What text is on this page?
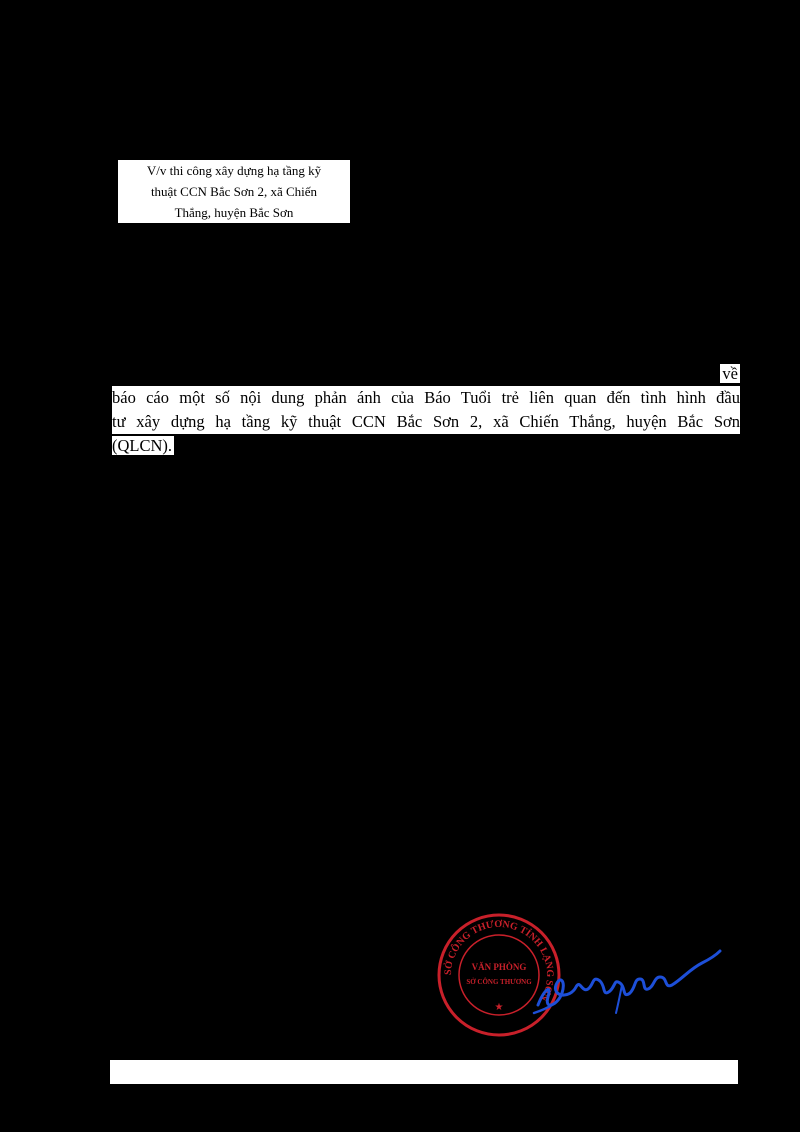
V/v thi công xây dựng hạ tầng kỹ
thuật CCN Bắc Sơn 2, xã Chiến
Thắng, huyện Bắc Sơn
về
báo cáo một số nội dung phản ánh của Báo Tuổi trẻ liên quan đến tình hình đầu
tư xây dựng hạ tầng kỹ thuật CCN Bắc Sơn 2, xã Chiến Thắng, huyện Bắc Sơn
(QLCN).
SỞ CÔNG THƯƠNG TỈNH LẠNG SƠN
VĂN PHÒNG
SỞ CÔNG THƯƠNG
★
